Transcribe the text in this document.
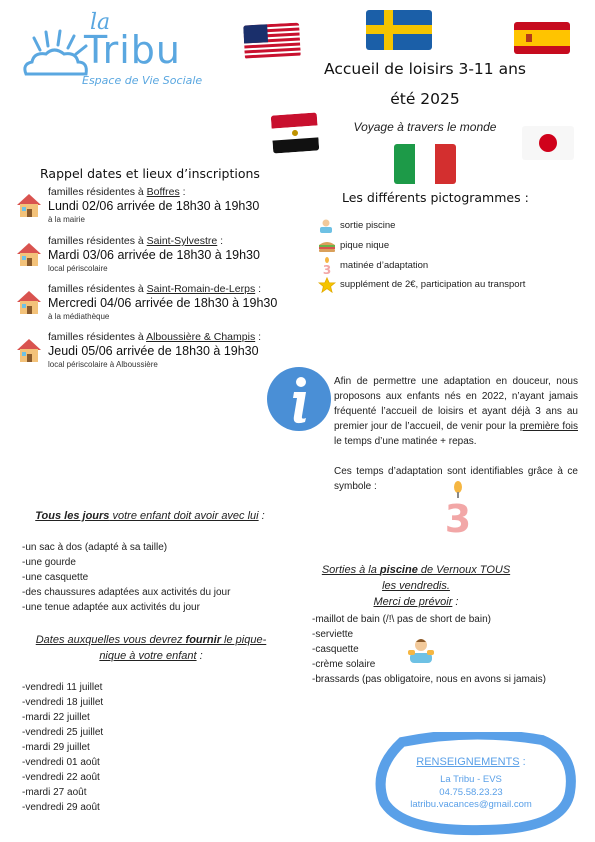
la
Tribu
Espace de Vie Sociale
Accueil de loisirs 3-11 ans
été 2025
Voyage à travers le monde
Rappel dates et lieux d’inscriptions
familles résidentes à Boffres :
Lundi 02/06 arrivée de 18h30 à 19h30
à la mairie
familles résidentes à Saint-Sylvestre :
Mardi 03/06 arrivée de 18h30 à 19h30
local périscolaire
familles résidentes à Saint-Romain-de-Lerps :
Mercredi 04/06 arrivée de 18h30 à 19h30
à la médiathèque
familles résidentes à Alboussière & Champis :
Jeudi 05/06 arrivée de 18h30 à 19h30
local périscolaire à Alboussière
Les différents pictogrammes :
sortie piscine
pique nique
3 matinée d’adaptation
supplément de 2€, participation au transport
Afin de permettre une adaptation en douceur, nous proposons aux enfants nés en 2022, n’ayant jamais fréquenté l’accueil de loisirs et ayant déjà 3 ans au premier jour de l’accueil, de venir pour la première fois le temps d’une matinée + repas.
Ces temps d’adaptation sont identifiables grâce à ce symbole :
3
Tous les jours votre enfant doit avoir avec lui :
-un sac à dos (adapté à sa taille)
-une gourde
-une casquette
-des chaussures adaptées aux activités du jour
-une tenue adaptée aux activités du jour
Dates auxquelles vous devrez fournir le pique-nique à votre enfant :
-vendredi 11 juillet
-vendredi 18 juillet
-mardi 22 juillet
-vendredi 25 juillet
-mardi 29 juillet
-vendredi 01 août
-vendredi 22 août
-mardi 27 août
-vendredi 29 août
Sorties à la piscine de Vernoux TOUS les vendredis.
Merci de prévoir :
-maillot de bain (/!\ pas de short de bain)
-serviette
-casquette
-crème solaire
-brassards (pas obligatoire, nous en avons si jamais)
RENSEIGNEMENTS :
La Tribu - EVS
04.75.58.23.23
latribu.vacances@gmail.com
